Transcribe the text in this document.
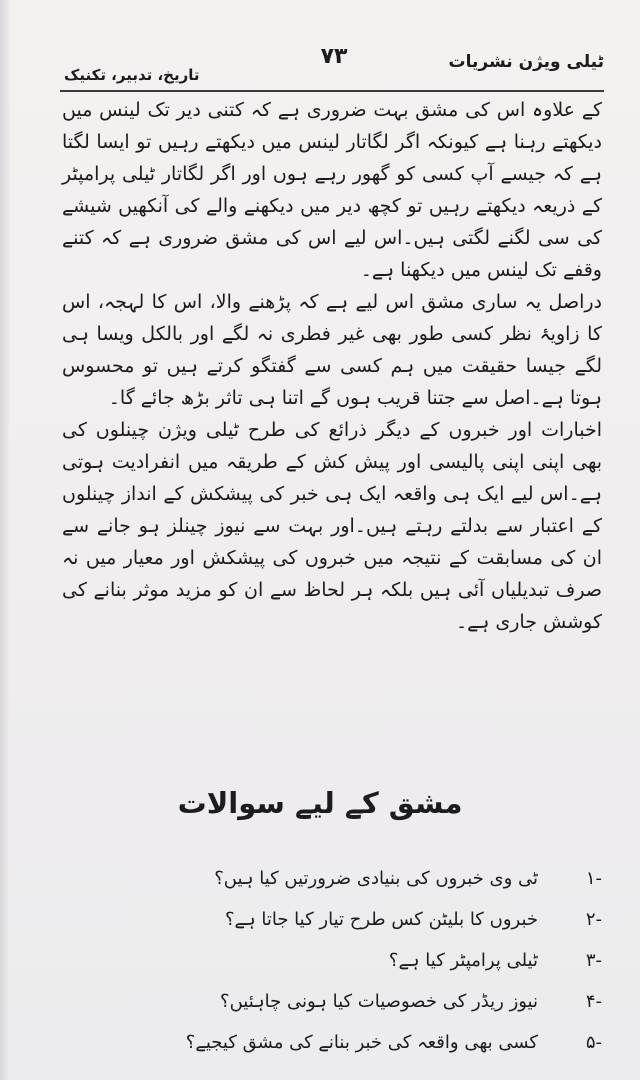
ٹیلی ویژن نشریات
۷۳
تاریخ، تدبیر، تکنیک

کے علاوہ اس کی مشق بہت ضروری ہے کہ کتنی دیر تک لینس میں دیکھتے رہنا ہے کیونکہ اگر لگاتار لینس میں دیکھتے رہیں تو ایسا لگتا ہے کہ جیسے آپ کسی کو گھور رہے ہوں اور اگر لگاتار ٹیلی پرامپٹر کے ذریعہ دیکھتے رہیں تو کچھ دیر میں دیکھنے والے کی آنکھیں شیشے کی سی لگنے لگتی ہیں۔اس لیے اس کی مشق ضروری ہے کہ کتنے وقفے تک لینس میں دیکھنا ہے۔

دراصل یہ ساری مشق اس لیے ہے کہ پڑھنے والا، اس کا لہجہ، اس کا زاویۂ نظر کسی طور بھی غیر فطری نہ لگے اور بالکل ویسا ہی لگے جیسا حقیقت میں ہم کسی سے گفتگو کرتے ہیں تو محسوس ہوتا ہے۔اصل سے جتنا قریب ہوں گے اتنا ہی تاثر بڑھ جائے گا۔

اخبارات اور خبروں کے دیگر ذرائع کی طرح ٹیلی ویژن چینلوں کی بھی اپنی اپنی پالیسی اور پیش کش کے طریقہ میں انفرادیت ہوتی ہے۔اس لیے ایک ہی واقعہ ایک ہی خبر کی پیشکش کے انداز چینلوں کے اعتبار سے بدلتے رہتے ہیں۔اور بہت سے نیوز چینلز ہو جانے سے ان کی مسابقت کے نتیجہ میں خبروں کی پیشکش اور معیار میں نہ صرف تبدیلیاں آئی ہیں بلکہ ہر لحاظ سے ان کو مزید موثر بنانے کی کوشش جاری ہے۔

مشق کے لیے سوالات
-۱
ٹی وی خبروں کی بنیادی ضرورتیں کیا ہیں؟
-۲
خبروں کا بلیٹن کس طرح تیار کیا جاتا ہے؟
-۳
ٹیلی پرامپٹر کیا ہے؟
-۴
نیوز ریڈر کی خصوصیات کیا ہونی چاہئیں؟
-۵
کسی بھی واقعہ کی خبر بنانے کی مشق کیجیے؟
